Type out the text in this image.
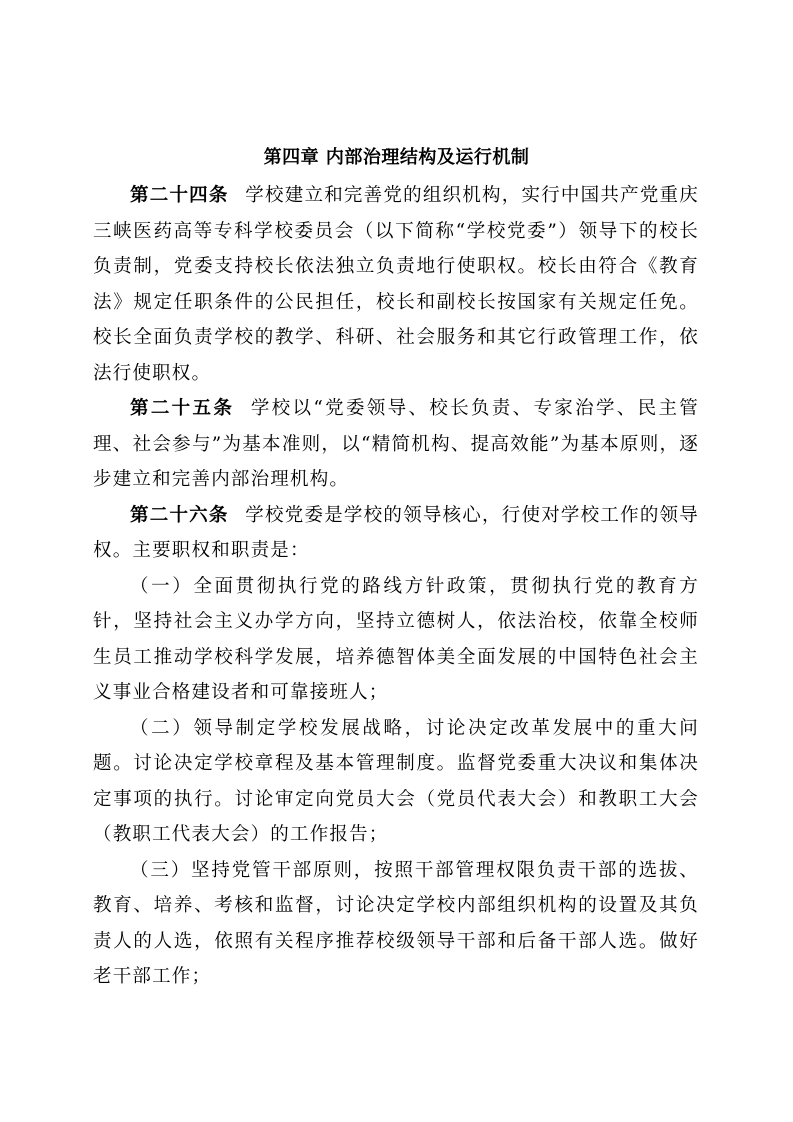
第四章 内部治理结构及运行机制

第二十四条 学校建立和完善党的组织机构，实行中国共产党重庆三峡医药高等专科学校委员会（以下简称“学校党委”）领导下的校长负责制，党委支持校长依法独立负责地行使职权。校长由符合《教育法》规定任职条件的公民担任，校长和副校长按国家有关规定任免。校长全面负责学校的教学、科研、社会服务和其它行政管理工作，依法行使职权。

第二十五条 学校以“党委领导、校长负责、专家治学、民主管理、社会参与”为基本准则，以“精简机构、提高效能”为基本原则，逐步建立和完善内部治理机构。

第二十六条 学校党委是学校的领导核心，行使对学校工作的领导权。主要职权和职责是：

（一）全面贯彻执行党的路线方针政策，贯彻执行党的教育方针，坚持社会主义办学方向，坚持立德树人，依法治校，依靠全校师生员工推动学校科学发展，培养德智体美全面发展的中国特色社会主义事业合格建设者和可靠接班人；

（二）领导制定学校发展战略，讨论决定改革发展中的重大问题。讨论决定学校章程及基本管理制度。监督党委重大决议和集体决定事项的执行。讨论审定向党员大会（党员代表大会）和教职工大会（教职工代表大会）的工作报告；

（三）坚持党管干部原则，按照干部管理权限负责干部的选拔、教育、培养、考核和监督，讨论决定学校内部组织机构的设置及其负责人的人选，依照有关程序推荐校级领导干部和后备干部人选。做好老干部工作；
